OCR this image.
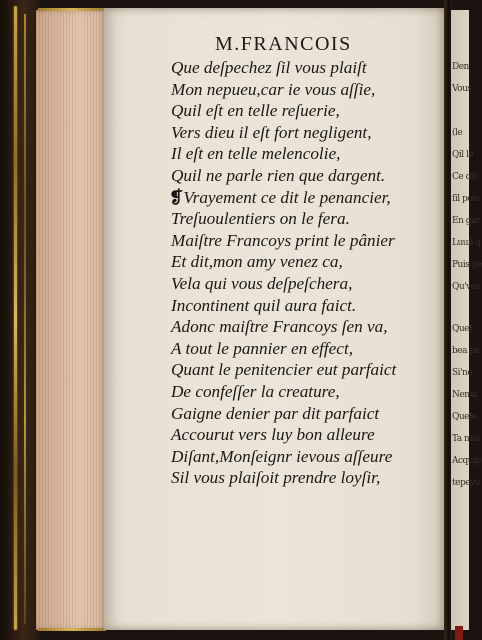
M.FRANCOIS
Que deſpechez ſil vous plaiſt
Mon nepueu,car ie vous aſſie,
Quil eſt en telle reſuerie,
Vers dieu il eſt fort negligent,
Il eſt en telle melencolie,
Quil ne parle rien que dargent.
❡Vrayement ce dit le penancier,
Treſuoulentiers on le fera.
Maiſtre Francoys print le pânier
Et dit,mon amy venez ca,
Vela qui vous deſpeſchera,
Incontinent quil aura faict.
Adonc maiſtre Francoys ſen va,
A tout le pannier en effect,
Quant le penitencier eut parfaict
De confeſſer la creature,
Gaigne denier par dit parfaict
Accourut vers luy bon alleure
Diſant,Monſeignr ievous aſſeure
Sil vous plaiſoit prendre loyſir,
Den
Vous
(le
Qil le
Ce dit
ſil pois
En gar
Luuil q
Puis pe
Qu'vou
Quel
bea pa
Si'no
Nenai
Quele
Ta mai
Acquip
tepeyu
